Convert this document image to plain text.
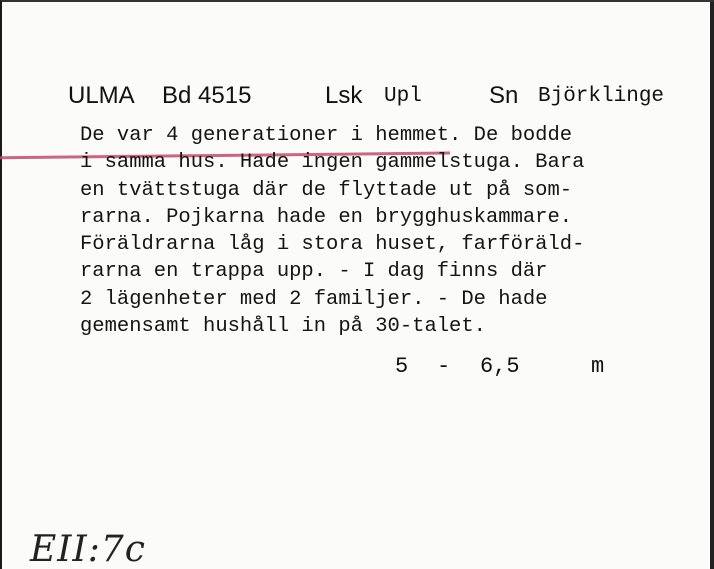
ULMA Bd 4515	Lsk Upl	Sn Björklinge
De var 4 generationer i hemmet. De bodde
i samma hus. Hade ingen gammelstuga. Bara
en tvättstuga där de flyttade ut på som-
rarna. Pojkarna hade en brygghuskammare.
Föräldrarna låg i stora huset, farföräld-
rarna en trappa upp. - I dag finns där
2 lägenheter med 2 familjer. - De hade
gemensamt hushåll in på 30-talet.

5

-

6,5

	m

EII:7c
